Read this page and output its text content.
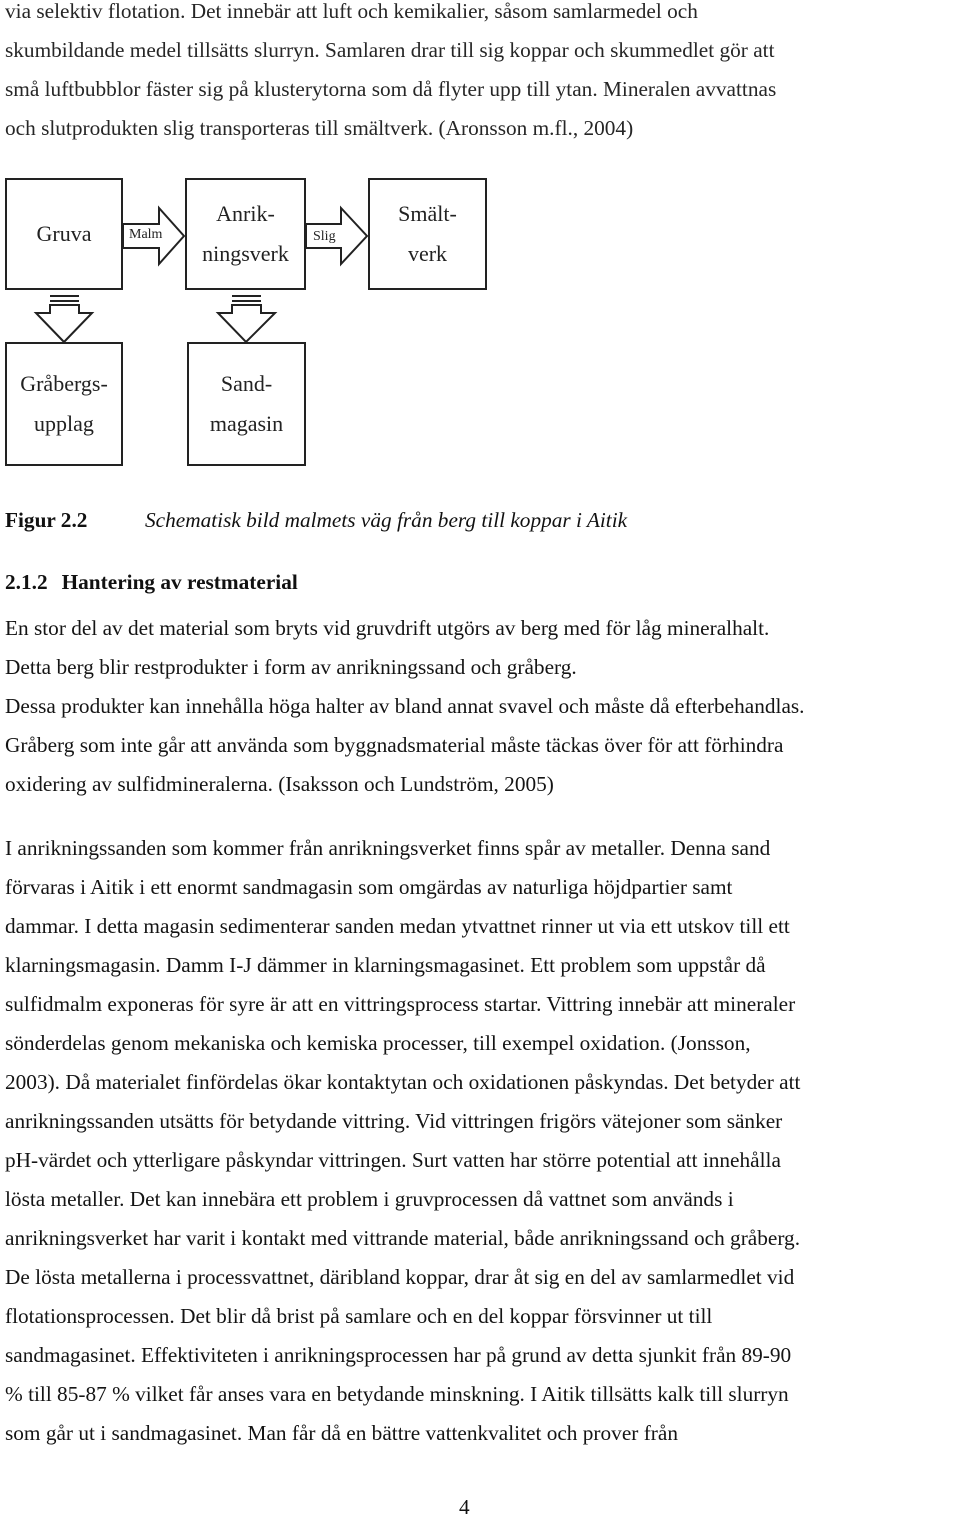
via selektiv flotation. Det innebär att luft och kemikalier, såsom samlarmedel och

skumbildande medel tillsätts slurryn. Samlaren drar till sig koppar och skummedlet gör att

små luftbubblor fäster sig på klusterytorna som då flyter upp till ytan. Mineralen avvattnas

och slutprodukten slig transporteras till smältverk. (Aronsson m.fl., 2004)

Gruva
Anrik-
ningsverk
Smält-
verk
Gråbergs-
upplag
Sand-
magasin
Malm	Slig
Figur 2.2	Schematisk bild malmets väg från berg till koppar i Aitik
2.1.2 Hantering av restmaterial

En stor del av det material som bryts vid gruvdrift utgörs av berg med för låg mineralhalt.

Detta berg blir restprodukter i form av anrikningssand och gråberg.

Dessa produkter kan innehålla höga halter av bland annat svavel och måste då efterbehandlas.

Gråberg som inte går att använda som byggnadsmaterial måste täckas över för att förhindra

oxidering av sulfidmineralerna. (Isaksson och Lundström, 2005)

I anrikningssanden som kommer från anrikningsverket finns spår av metaller. Denna sand

förvaras i Aitik i ett enormt sandmagasin som omgärdas av naturliga höjdpartier samt

dammar. I detta magasin sedimenterar sanden medan ytvattnet rinner ut via ett utskov till ett

klarningsmagasin. Damm I-J dämmer in klarningsmagasinet. Ett problem som uppstår då

sulfidmalm exponeras för syre är att en vittringsprocess startar. Vittring innebär att mineraler

sönderdelas genom mekaniska och kemiska processer, till exempel oxidation. (Jonsson,

2003). Då materialet finfördelas ökar kontaktytan och oxidationen påskyndas. Det betyder att

anrikningssanden utsätts för betydande vittring. Vid vittringen frigörs vätejoner som sänker

pH-värdet och ytterligare påskyndar vittringen. Surt vatten har större potential att innehålla

lösta metaller. Det kan innebära ett problem i gruvprocessen då vattnet som används i

anrikningsverket har varit i kontakt med vittrande material, både anrikningssand och gråberg.

De lösta metallerna i processvattnet, däribland koppar, drar åt sig en del av samlarmedlet vid

flotationsprocessen. Det blir då brist på samlare och en del koppar försvinner ut till

sandmagasinet. Effektiviteten i anrikningsprocessen har på grund av detta sjunkit från 89-90

% till 85-87 % vilket får anses vara en betydande minskning. I Aitik tillsätts kalk till slurryn

som går ut i sandmagasinet. Man får då en bättre vattenkvalitet och prover från

4
